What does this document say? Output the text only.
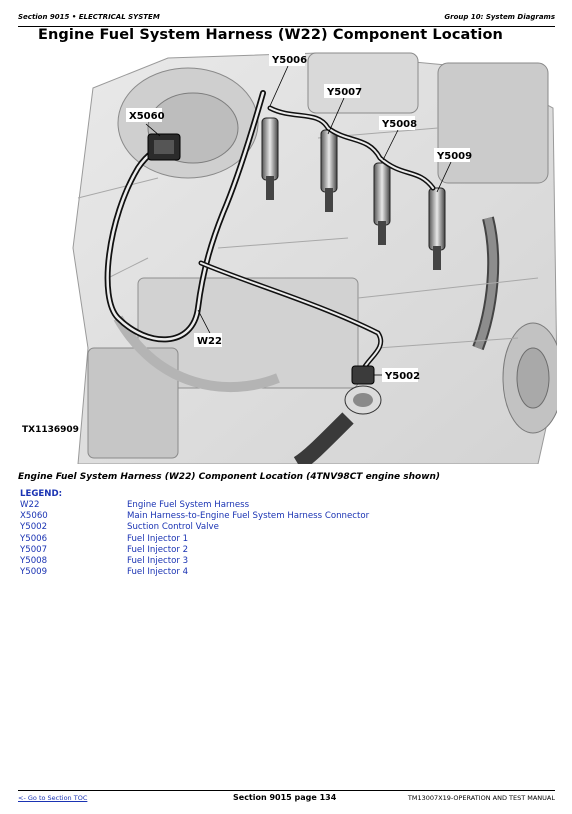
Section 9015 • ELECTRICAL SYSTEM	Group 10: System Diagrams
Engine Fuel System Harness (W22) Component Location
Y5006
Y5007
Y5008
Y5009
X5060
W22
Y5002
TX1136909
Engine Fuel System Harness (W22) Component Location (4TNV98CT engine shown)
LEGEND:
W22	Engine Fuel System Harness
X5060	Main Harness-to-Engine Fuel System Harness Connector
Y5002	Suction Control Valve
Y5006	Fuel Injector 1
Y5007	Fuel Injector 2
Y5008	Fuel Injector 3
Y5009	Fuel Injector 4
<- Go to Section TOC	Section 9015 page 134	TM13007X19-OPERATION AND TEST MANUAL
